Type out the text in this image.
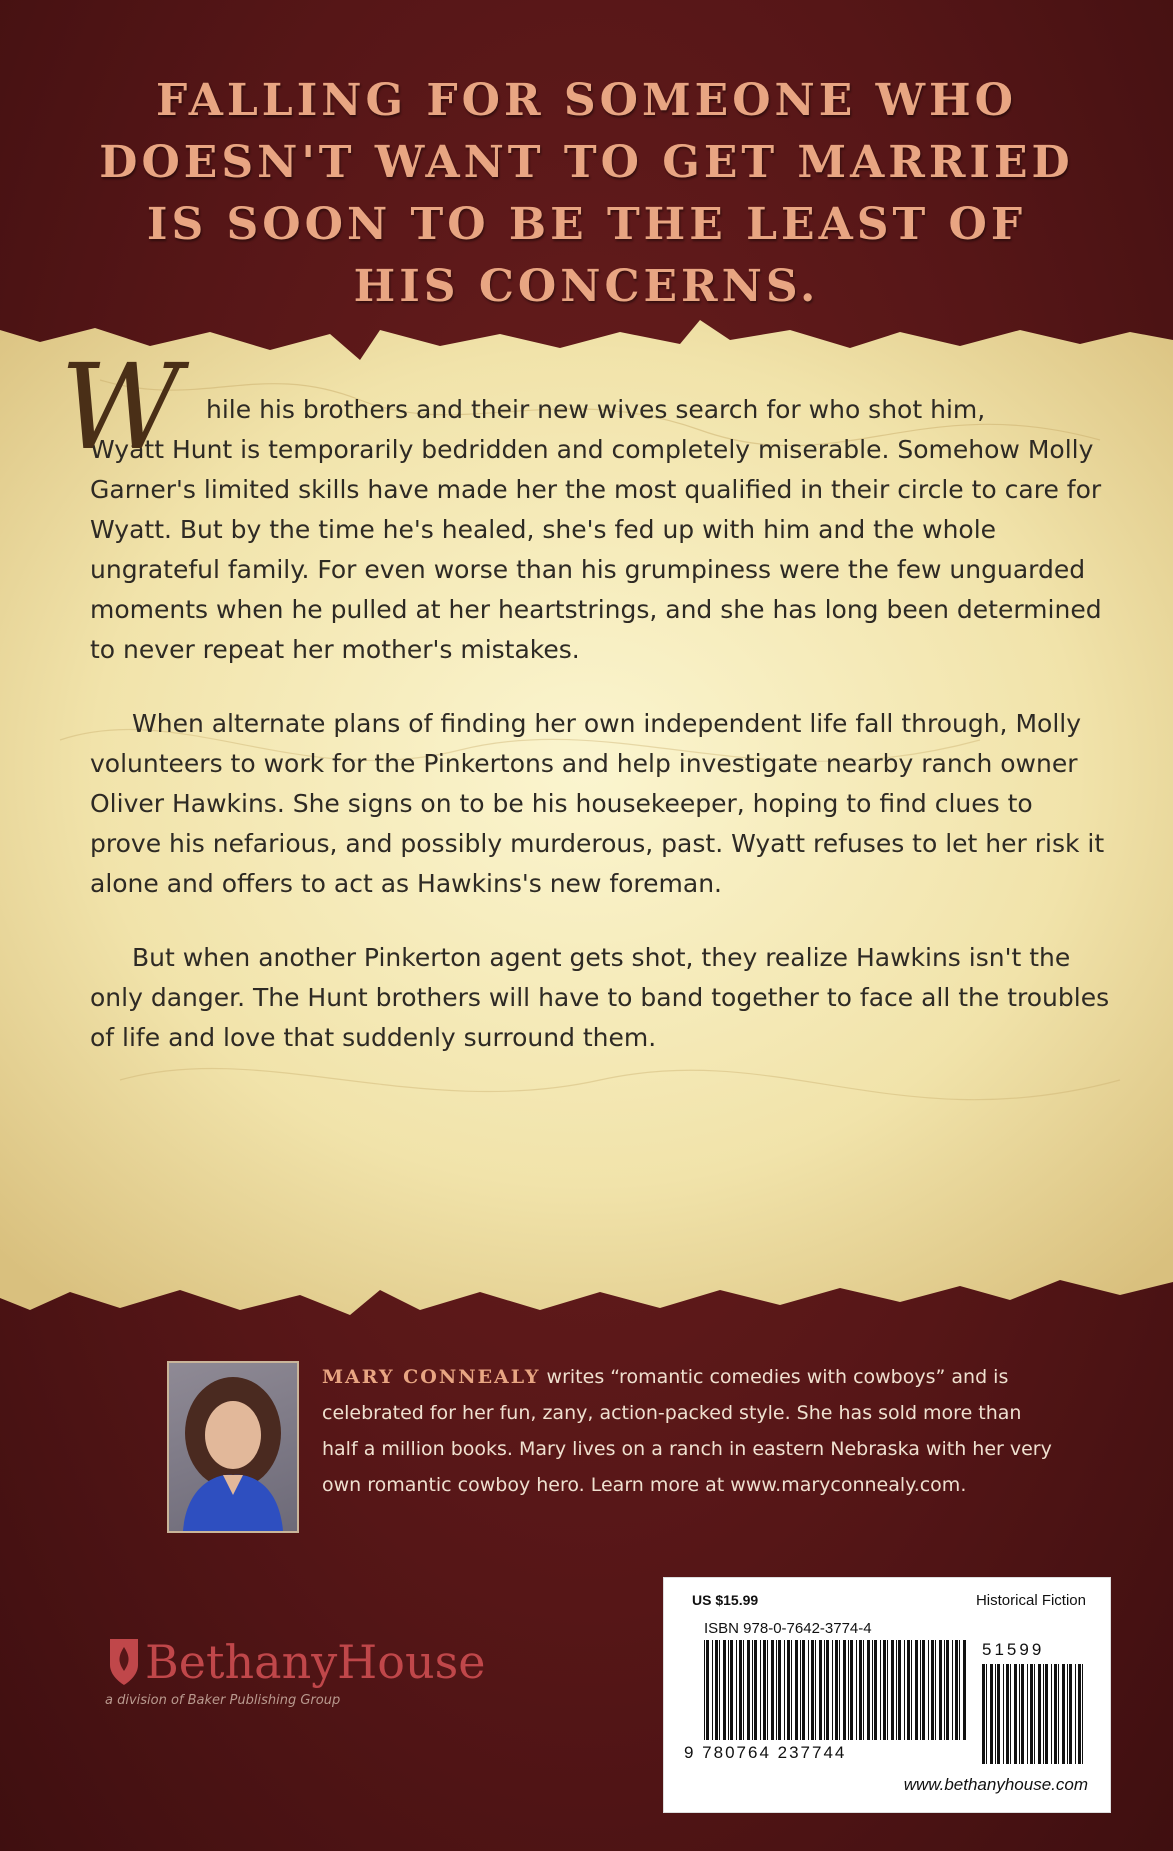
FALLING FOR SOMEONE WHO
DOESN'T WANT TO GET MARRIED
IS SOON TO BE THE LEAST OF
HIS CONCERNS.

W hile his brothers and their new wives search for who shot him,
Wyatt Hunt is temporarily bedridden and completely miserable. Somehow Molly Garner's limited skills have made her the most qualified in their circle to care for Wyatt. But by the time he's healed, she's fed up with him and the whole ungrateful family. For even worse than his grumpiness were the few unguarded moments when he pulled at her heartstrings, and she has long been determined to never repeat her mother's mistakes.

When alternate plans of finding her own independent life fall through, Molly volunteers to work for the Pinkertons and help investigate nearby ranch owner Oliver Hawkins. She signs on to be his housekeeper, hoping to find clues to prove his nefarious, and possibly murderous, past. Wyatt refuses to let her risk it alone and offers to act as Hawkins's new foreman.

But when another Pinkerton agent gets shot, they realize Hawkins isn't the only danger. The Hunt brothers will have to band together to face all the troubles of life and love that suddenly surround them.

MARY CONNEALY writes “romantic comedies with cowboys” and is celebrated for her fun, zany, action-packed style. She has sold more than half a million books. Mary lives on a ranch in eastern Nebraska with her very own romantic cowboy hero. Learn more at www.maryconnealy.com.
BethanyHouse
a division of Baker Publishing Group
US $15.99	Historical Fiction
ISBN 978-0-7642-3774-4
51599
9 780764 237744
www.bethanyhouse.com
